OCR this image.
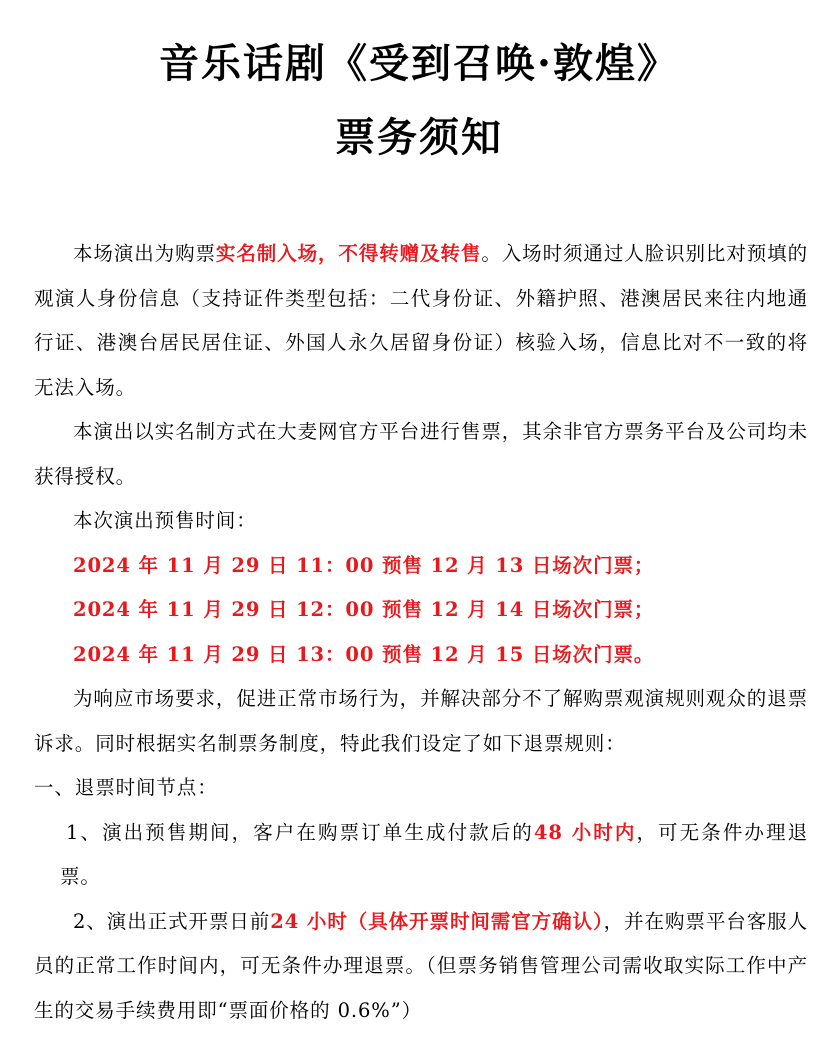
音乐话剧《受到召唤·敦煌》
票务须知

本场演出为购票实名制入场，不得转赠及转售。入场时须通过人脸识别比对预填的观演人身份信息（支持证件类型包括：二代身份证、外籍护照、港澳居民来往内地通行证、港澳台居民居住证、外国人永久居留身份证）核验入场，信息比对不一致的将无法入场。

本演出以实名制方式在大麦网官方平台进行售票，其余非官方票务平台及公司均未获得授权。

本次演出预售时间：

2024 年 11 月 29 日 11：00 预售 12 月 13 日场次门票；

2024 年 11 月 29 日 12：00 预售 12 月 14 日场次门票；

2024 年 11 月 29 日 13：00 预售 12 月 15 日场次门票。

为响应市场要求，促进正常市场行为，并解决部分不了解购票观演规则观众的退票诉求。同时根据实名制票务制度，特此我们设定了如下退票规则：

一、退票时间节点：

1、演出预售期间，客户在购票订单生成付款后的48 小时内，可无条件办理退票。

2、演出正式开票日前24 小时（具体开票时间需官方确认），并在购票平台客服人员的正常工作时间内，可无条件办理退票。（但票务销售管理公司需收取实际工作中产生的交易手续费用即“票面价格的 0.6%”）
